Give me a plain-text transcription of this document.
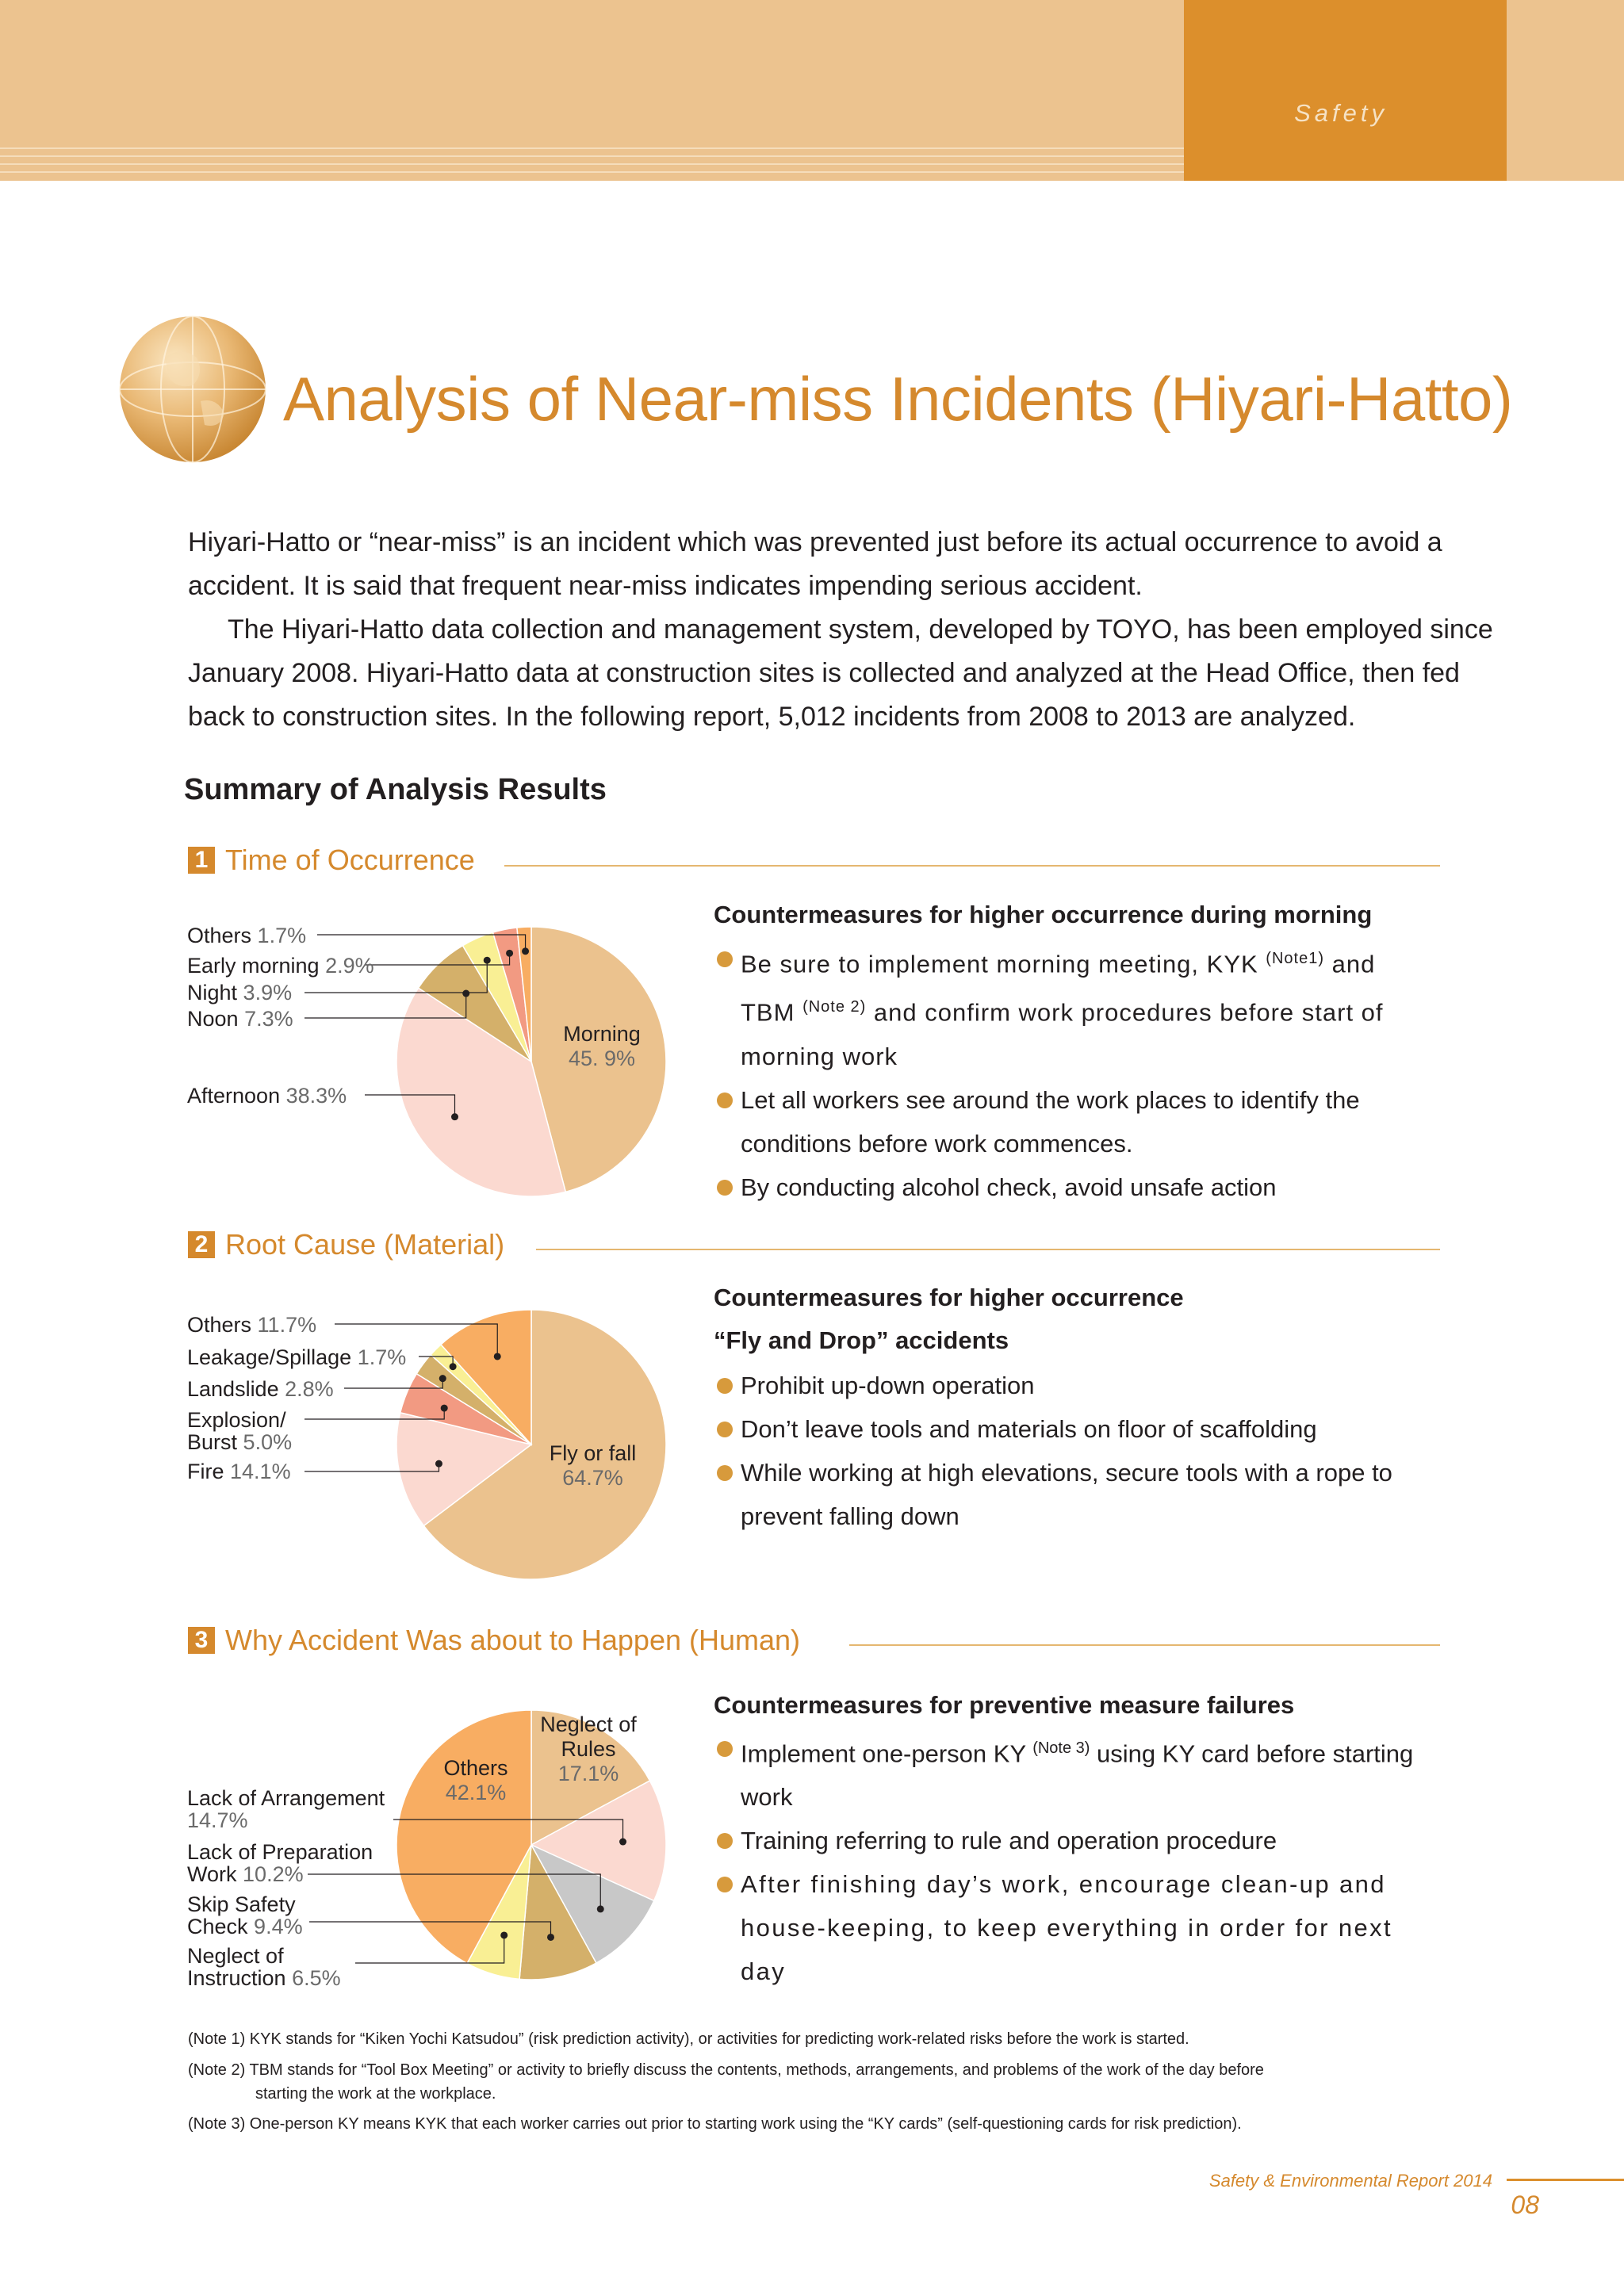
Safety
Analysis of Near-miss Incidents (Hiyari-Hatto)

Hiyari-Hatto or “near-miss” is an incident which was prevented just before its actual occurrence to avoid a accident. It is said that frequent near-miss indicates impending serious accident.

The Hiyari-Hatto data collection and management system, developed by TOYO, has been employed since January 2008. Hiyari-Hatto data at construction sites is collected and analyzed at the Head Office, then fed back to construction sites. In the following report, 5,012 incidents from 2008 to 2013 are analyzed.

Summary of Analysis Results
1 Time of Occurrence
Countermeasures for higher occurrence during morning
Be sure to implement morning meeting, KYK $^{(Note1)}$ and TBM $^{(Note 2)}$ and confirm work procedures before start of morning work
Let all workers see around the work places to identify the conditions before work commences.
By conducting alcohol check, avoid unsafe action
2 Root Cause (Material)
Countermeasures for higher occurrence
“Fly and Drop” accidents
Prohibit up-down operation
Don’t leave tools and materials on floor of scaffolding
While working at high elevations, secure tools with a rope to prevent falling down
3 Why Accident Was about to Happen (Human)
Countermeasures for preventive measure failures
Implement one-person KY $^{(Note 3)}$ using KY card before starting work
Training referring to rule and operation procedure
After finishing day’s work, encourage clean-up and house-keeping, to keep everything in order for next day
Others 1.7%
Early morning 2.9%
Night 3.9%
Noon 7.3%
Afternoon 38.3%
Morning
45. 9%
Others 11.7%
Leakage/Spillage 1.7%
Landslide 2.8%
Explosion/ Burst 5.0%
Fire 14.1%
Fly or fall
64.7%
Neglect of Rules
17.1%
Others
42.1%
Lack of Arrangement 14.7%
Lack of Preparation Work 10.2%
Skip Safety Check 9.4%
Neglect of Instruction 6.5%
(Note 1) KYK stands for “Kiken Yochi Katsudou” (risk prediction activity), or activities for predicting work-related risks before the work is started.
(Note 2) TBM stands for “Tool Box Meeting” or activity to briefly discuss the contents, methods, arrangements, and problems of the work of the day before
starting the work at the workplace.
(Note 3) One-person KY means KYK that each worker carries out prior to starting work using the “KY cards” (self-questioning cards for risk prediction).
Safety & Environmental Report 2014
08
